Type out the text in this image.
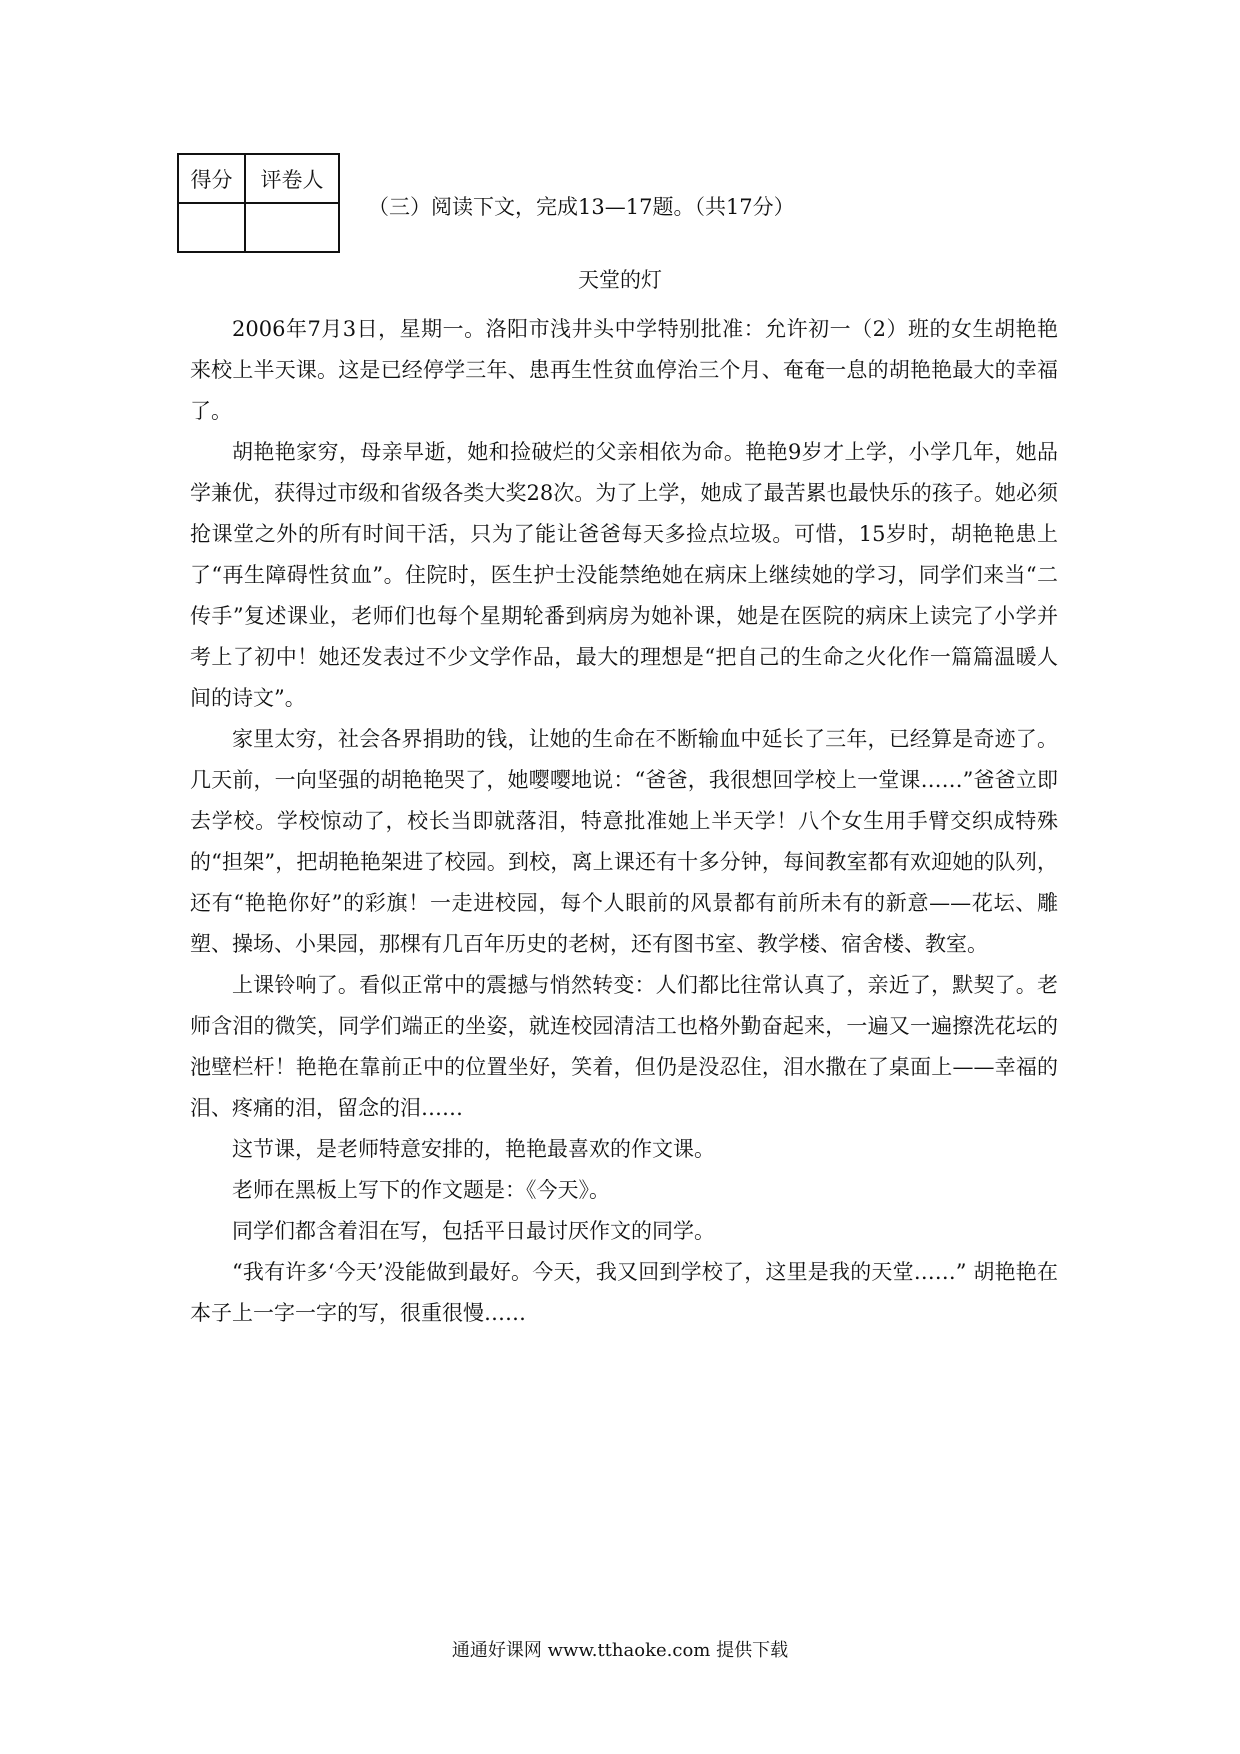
得分	评卷人

（三）阅读下文，完成13—17题。（共17分）
天堂的灯

2006年7月3日，星期一。洛阳市浅井头中学特别批准：允许初一（2）班的女生胡艳艳来校上半天课。这是已经停学三年、患再生性贫血停治三个月、奄奄一息的胡艳艳最大的幸福了。

胡艳艳家穷，母亲早逝，她和捡破烂的父亲相依为命。艳艳9岁才上学，小学几年，她品学兼优，获得过市级和省级各类大奖28次。为了上学，她成了最苦累也最快乐的孩子。她必须抢课堂之外的所有时间干活，只为了能让爸爸每天多捡点垃圾。可惜，15岁时，胡艳艳患上了“再生障碍性贫血”。住院时，医生护士没能禁绝她在病床上继续她的学习，同学们来当“二传手”复述课业，老师们也每个星期轮番到病房为她补课，她是在医院的病床上读完了小学并考上了初中！她还发表过不少文学作品，最大的理想是“把自己的生命之火化作一篇篇温暖人间的诗文”。

家里太穷，社会各界捐助的钱，让她的生命在不断输血中延长了三年，已经算是奇迹了。几天前，一向坚强的胡艳艳哭了，她嘤嘤地说：“爸爸，我很想回学校上一堂课……”爸爸立即去学校。学校惊动了，校长当即就落泪，特意批准她上半天学！八个女生用手臂交织成特殊的“担架”，把胡艳艳架进了校园。到校，离上课还有十多分钟，每间教室都有欢迎她的队列，还有“艳艳你好”的彩旗！一走进校园，每个人眼前的风景都有前所未有的新意——花坛、雕塑、操场、小果园，那棵有几百年历史的老树，还有图书室、教学楼、宿舍楼、教室。

上课铃响了。看似正常中的震撼与悄然转变：人们都比往常认真了，亲近了，默契了。老师含泪的微笑，同学们端正的坐姿，就连校园清洁工也格外勤奋起来，一遍又一遍擦洗花坛的池壁栏杆！艳艳在靠前正中的位置坐好，笑着，但仍是没忍住，泪水撒在了桌面上——幸福的泪、疼痛的泪，留念的泪……

这节课，是老师特意安排的，艳艳最喜欢的作文课。

老师在黑板上写下的作文题是：《今天》。

同学们都含着泪在写，包括平日最讨厌作文的同学。

“我有许多‘今天’没能做到最好。今天，我又回到学校了，这里是我的天堂……” 胡艳艳在本子上一字一字的写，很重很慢……

通通好课网 www.tthaoke.com 提供下载
